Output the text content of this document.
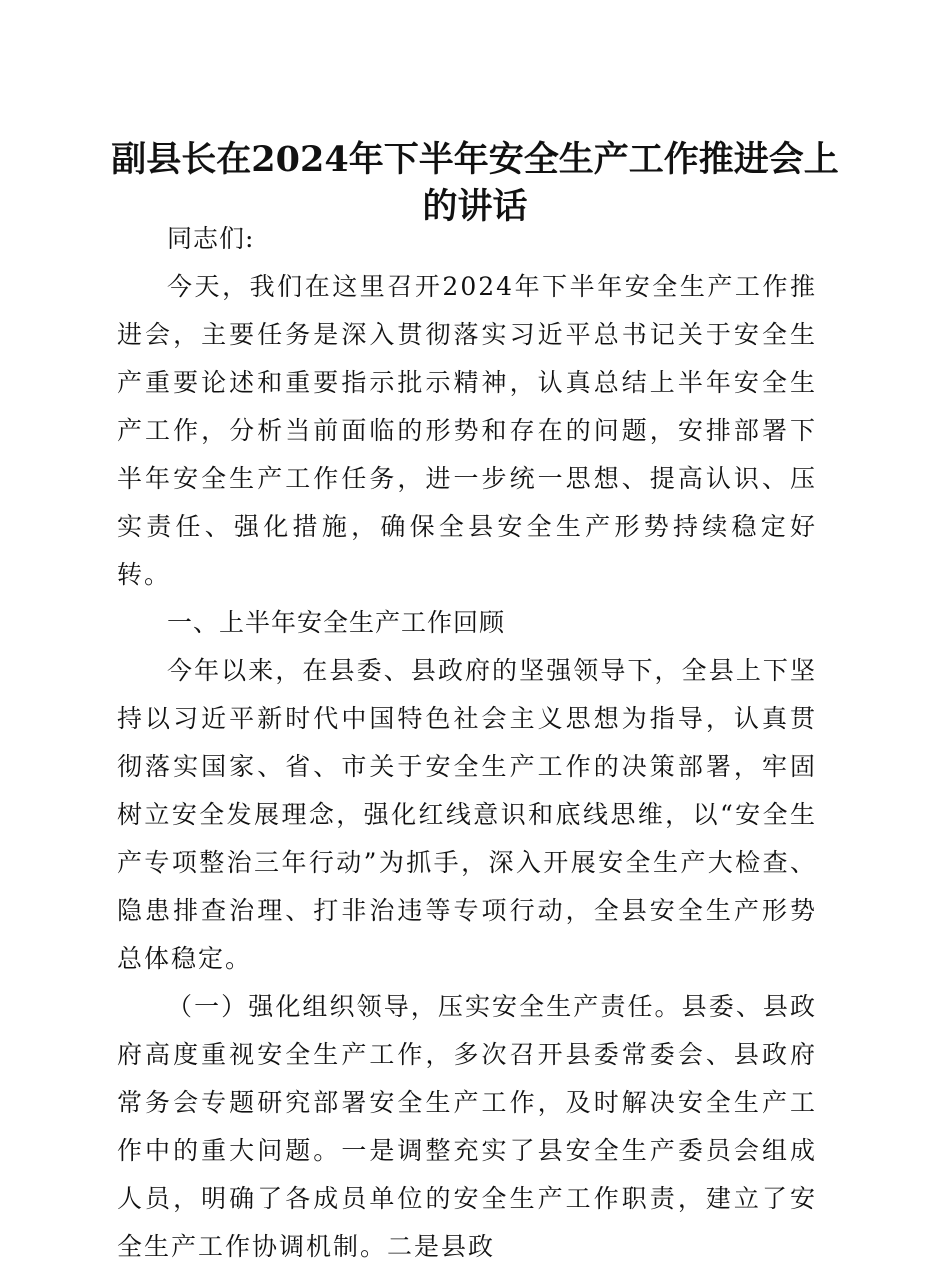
副县长在2024年下半年安全生产工作推进会上的讲话

同志们:

今天，我们在这里召开2024年下半年安全生产工作推进会，主要任务是深入贯彻落实习近平总书记关于安全生产重要论述和重要指示批示精神，认真总结上半年安全生产工作，分析当前面临的形势和存在的问题，安排部署下半年安全生产工作任务，进一步统一思想、提高认识、压实责任、强化措施，确保全县安全生产形势持续稳定好转。

一、上半年安全生产工作回顾

今年以来，在县委、县政府的坚强领导下，全县上下坚持以习近平新时代中国特色社会主义思想为指导，认真贯彻落实国家、省、市关于安全生产工作的决策部署，牢固树立安全发展理念，强化红线意识和底线思维，以“安全生产专项整治三年行动”为抓手，深入开展安全生产大检查、隐患排查治理、打非治违等专项行动，全县安全生产形势总体稳定。

（一）强化组织领导，压实安全生产责任。县委、县政府高度重视安全生产工作，多次召开县委常委会、县政府常务会专题研究部署安全生产工作，及时解决安全生产工作中的重大问题。一是调整充实了县安全生产委员会组成人员，明确了各成员单位的安全生产工作职责，建立了安全生产工作协调机制。二是县政
